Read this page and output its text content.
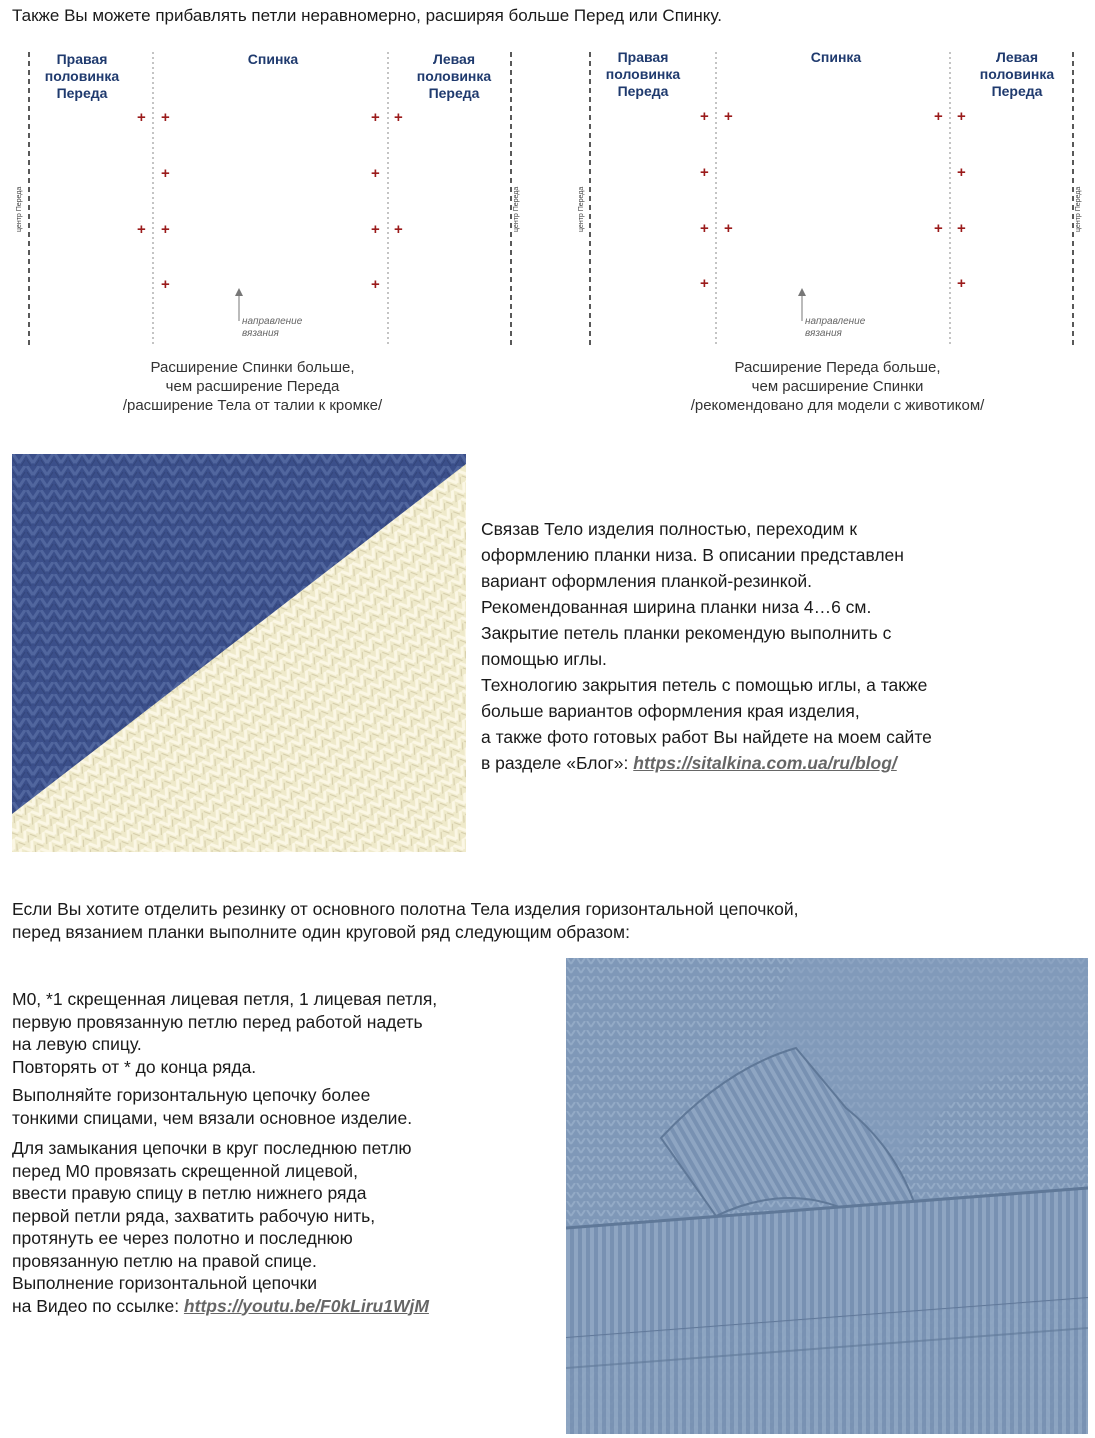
Также Вы можете прибавлять петли неравномерно, расширяя больше Перед или Спинку.
Правая половинка Переда
Спинка	Левая половинка Переда
+ +	+ +
+	+
+ +	+ +
+	+
центр Переда	центр Переда
направление вязания
Расширение Спинки больше,
чем расширение Переда
/расширение Тела от талии к кромке/
Правая половинка Переда
Спинка	Левая половинка Переда
+ +	+ +
+	+
+ +	+ +
+	+
центр Переда	центр Переда
направление вязания
Расширение Переда больше,
чем расширение Спинки
/рекомендовано для модели с животиком/
Связав Тело изделия полностью, переходим к
оформлению планки низа. В описании представлен
вариант оформления планкой-резинкой.
Рекомендованная ширина планки низа 4…6 см.
Закрытие петель планки рекомендую выполнить с
помощью иглы.
Технологию закрытия петель с помощью иглы, а также
больше вариантов оформления края изделия,
а также фото готовых работ Вы найдете на моем сайте
в разделе «Блог»: https://sitalkina.com.ua/ru/blog/
Если Вы хотите отделить резинку от основного полотна Тела изделия горизонтальной цепочкой,
перед вязанием планки выполните один круговой ряд следующим образом:

М0, *1 скрещенная лицевая петля, 1 лицевая петля,
первую провязанную петлю перед работой надеть
на левую спицу.
Повторять от * до конца ряда.

Выполняйте горизонтальную цепочку более
тонкими спицами, чем вязали основное изделие.

Для замыкания цепочки в круг последнюю петлю
перед М0 провязать скрещенной лицевой,
ввести правую спицу в петлю нижнего ряда
первой петли ряда, захватить рабочую нить,
протянуть ее через полотно и последнюю
провязанную петлю на правой спице.
Выполнение горизонтальной цепочки
на Видео по ссылке: https://youtu.be/F0kLiru1WjM
